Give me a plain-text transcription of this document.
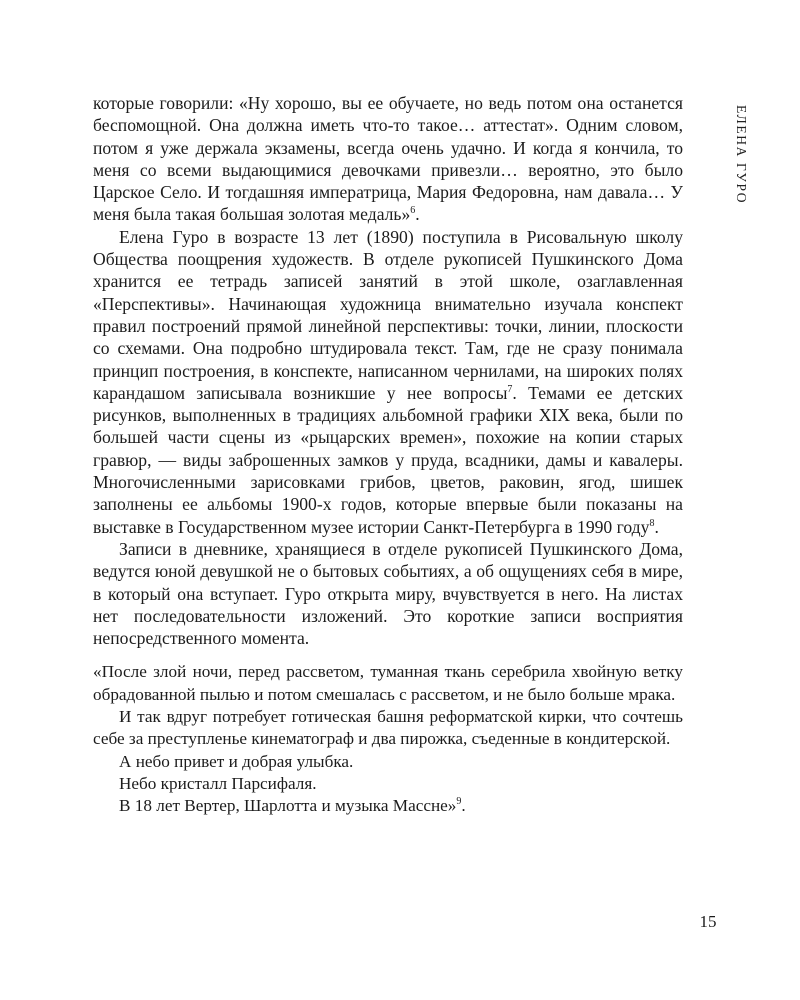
ЕЛЕНА ГУРО

которые говорили: «Ну хорошо, вы ее обучаете, но ведь потом она останется беспомощной. Она должна иметь что-то такое… аттестат». Одним словом, потом я уже держала экзамены, всегда очень удачно. И когда я кончила, то меня со всеми выдающимися девочками привезли… вероятно, это было Царское Село. И тогдашняя императрица, Мария Федоровна, нам давала… У меня была такая большая золотая медаль»$^6$.

Елена Гуро в возрасте 13 лет (1890) поступила в Рисовальную школу Общества поощрения художеств. В отделе рукописей Пушкинского Дома хранится ее тетрадь записей занятий в этой школе, озаглавленная «Перспективы». Начинающая художница внимательно изучала конспект правил построений прямой линейной перспективы: точки, линии, плоскости со схемами. Она подробно штудировала текст. Там, где не сразу понимала принцип построения, в конспекте, написанном чернилами, на широких полях карандашом записывала возникшие у нее вопросы$^7$. Темами ее детских рисунков, выполненных в традициях альбомной графики XIX века, были по большей части сцены из «рыцарских времен», похожие на копии старых гравюр, — виды заброшенных замков у пруда, всадники, дамы и кавалеры. Многочисленными зарисовками грибов, цветов, раковин, ягод, шишек заполнены ее альбомы 1900-х годов, которые впервые были показаны на выставке в Государственном музее истории Санкт-Петербурга в 1990 году$^8$.

Записи в дневнике, хранящиеся в отделе рукописей Пушкинского Дома, ведутся юной девушкой не о бытовых событиях, а об ощущениях себя в мире, в который она вступает. Гуро открыта миру, вчувствуется в него. На листах нет последовательности изложений. Это короткие записи восприятия непосредственного момента.

«После злой ночи, перед рассветом, туманная ткань серебрила хвойную ветку обрадованной пылью и потом смешалась с рассветом, и не было больше мрака.

И так вдруг потребует готическая башня реформатской кирки, что сочтешь себе за преступленье кинематограф и два пирожка, съеденные в кондитерской.

А небо привет и добрая улыбка.

Небо кристалл Парсифаля.

В 18 лет Вертер, Шарлотта и музыка Массне»$^9$.

15
